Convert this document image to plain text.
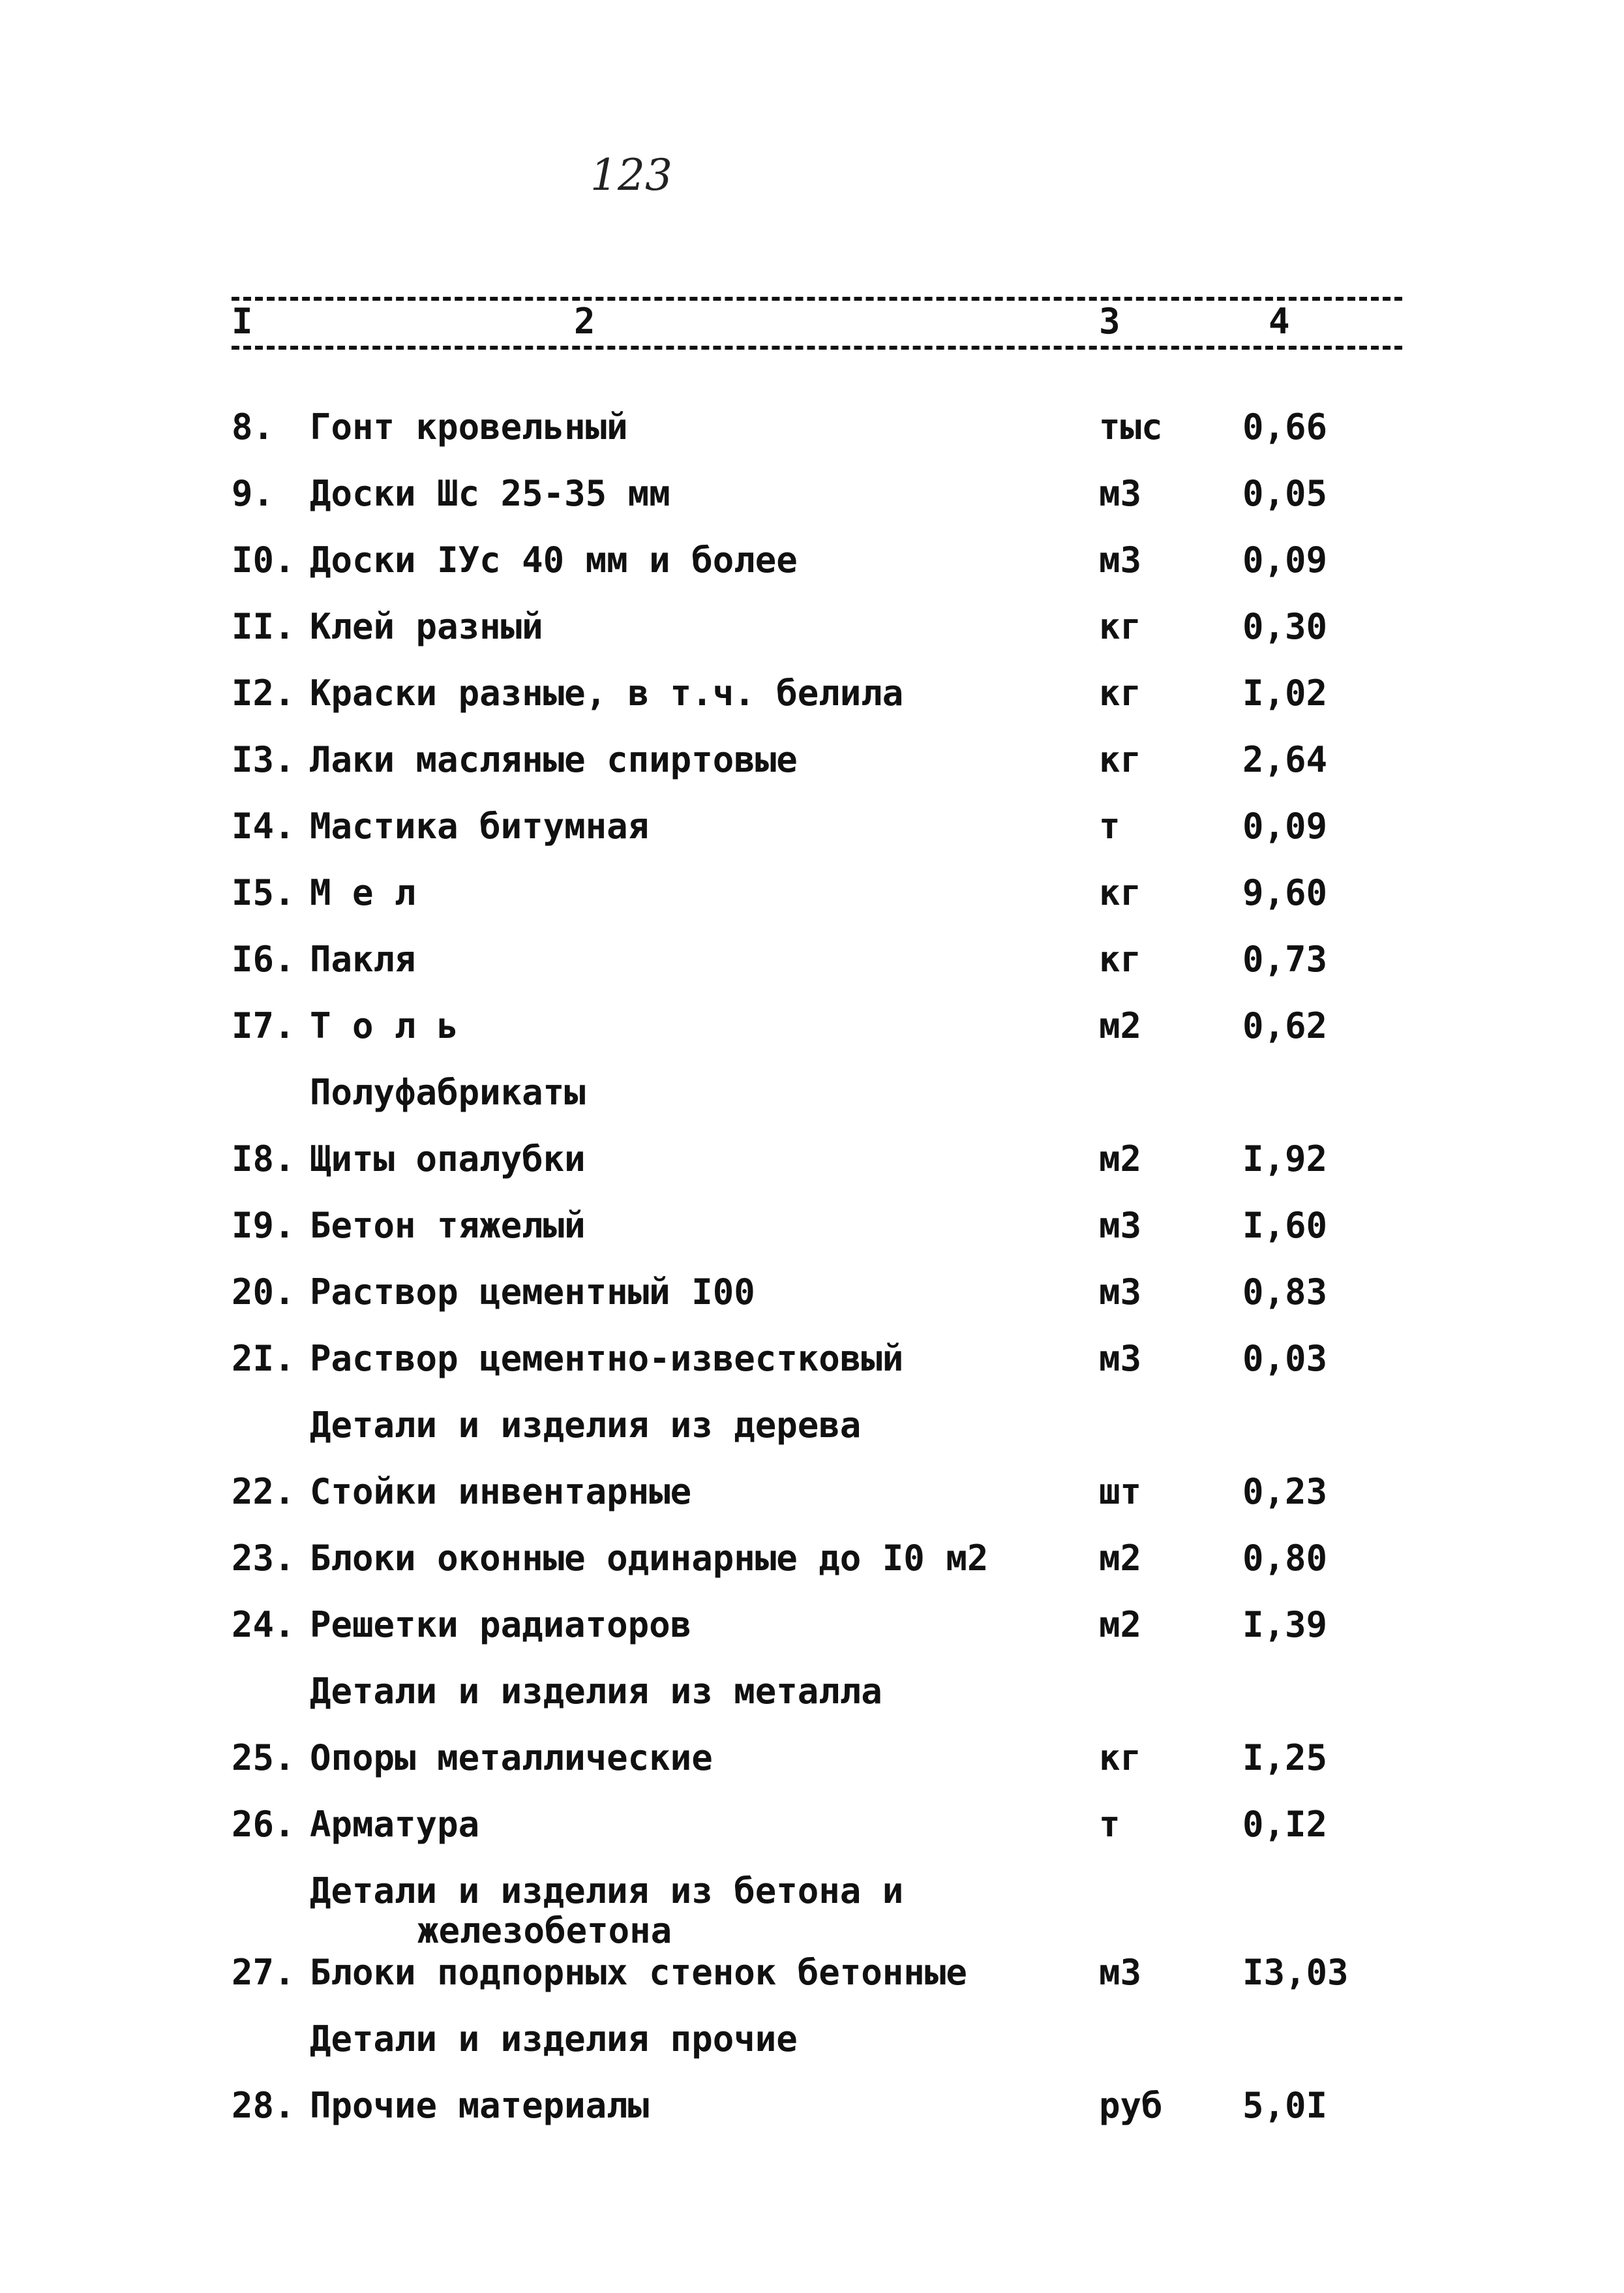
123
I	2	3	4
8. Гонт кровельный	тыс 0,66
9. Доски Шс 25-35 мм	м3	0,05
I0. Доски IУс 40 мм и более	м3	0,09
II. Клей разный	кг	0,30
I2. Краски разные, в т.ч. белила	кг	I,02
I3. Лаки масляные спиртовые	кг	2,64
I4. Мастика битумная	т	0,09
I5. М е л	кг	9,60
I6. Пакля	кг	0,73
I7. Т о л ь	м2	0,62
Полуфабрикаты
I8. Щиты опалубки	м2	I,92
I9. Бетон тяжелый	м3	I,60
20. Раствор цементный I00	м3	0,83
2I. Раствор цементно-известковый	м3	0,03
Детали и изделия из дерева
22. Стойки инвентарные	шт	0,23
23. Блоки оконные одинарные до I0 м2	м2	0,80
24. Решетки радиаторов	м2	I,39
Детали и изделия из металла
25. Опоры металлические	кг	I,25
26. Арматура	т	0,I2
Детали и изделия из бетона и
железобетона
27. Блоки подпорных стенок бетонные	м3	I3,03
Детали и изделия прочие
28. Прочие материалы	руб 5,0I
